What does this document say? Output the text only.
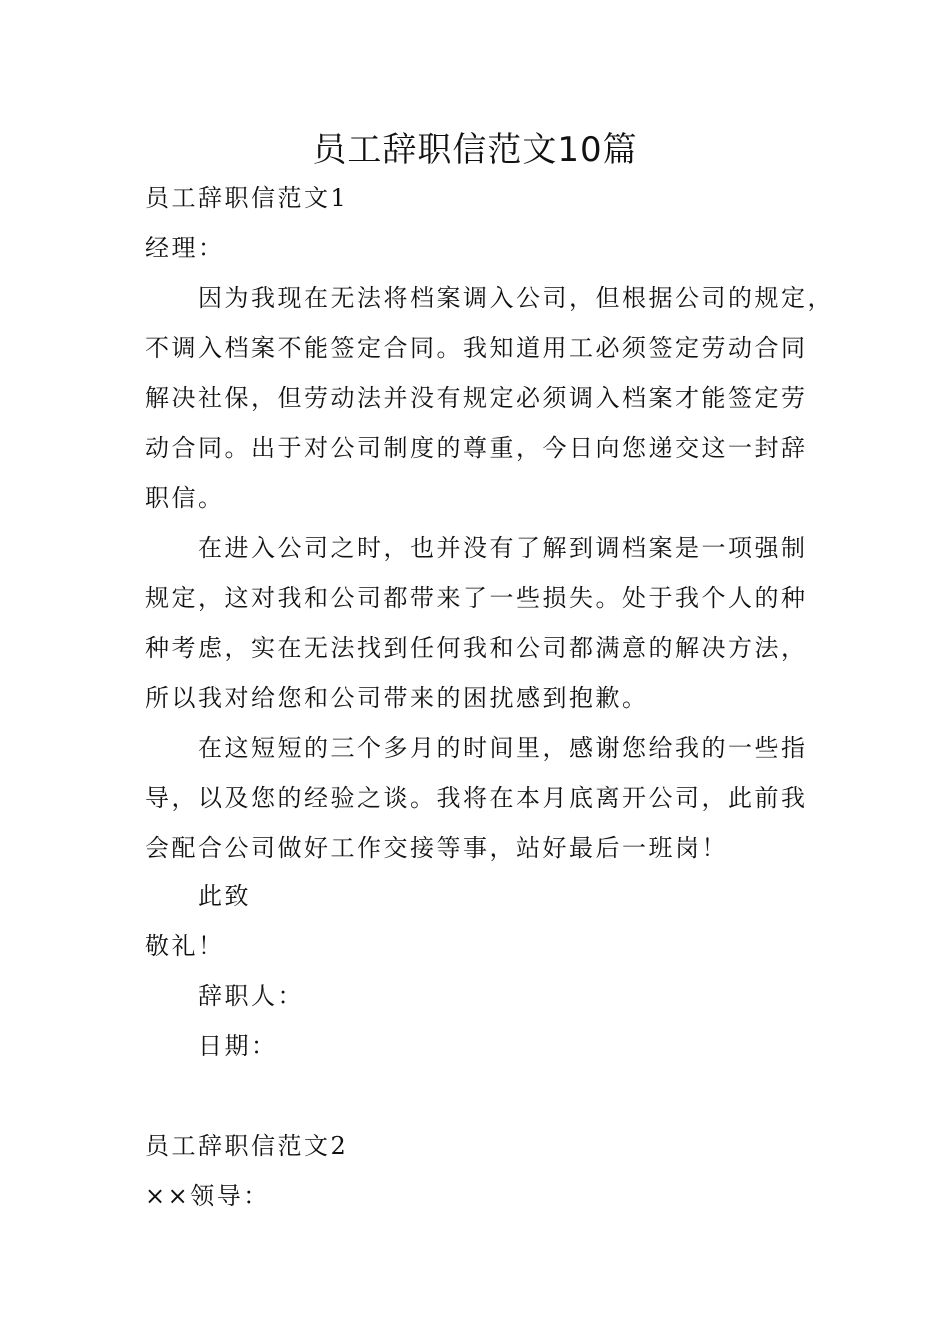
员工辞职信范文10篇

员工辞职信范文1

经理：

因为我现在无法将档案调入公司，但根据公司的规定，

不调入档案不能签定合同。我知道用工必须签定劳动合同

解决社保，但劳动法并没有规定必须调入档案才能签定劳

动合同。出于对公司制度的尊重，今日向您递交这一封辞

职信。

在进入公司之时，也并没有了解到调档案是一项强制

规定，这对我和公司都带来了一些损失。处于我个人的种

种考虑，实在无法找到任何我和公司都满意的解决方法，

所以我对给您和公司带来的困扰感到抱歉。

在这短短的三个多月的时间里，感谢您给我的一些指

导，以及您的经验之谈。我将在本月底离开公司，此前我

会配合公司做好工作交接等事，站好最后一班岗！

此致

敬礼！

辞职人：

日期：

员工辞职信范文2

××领导：
